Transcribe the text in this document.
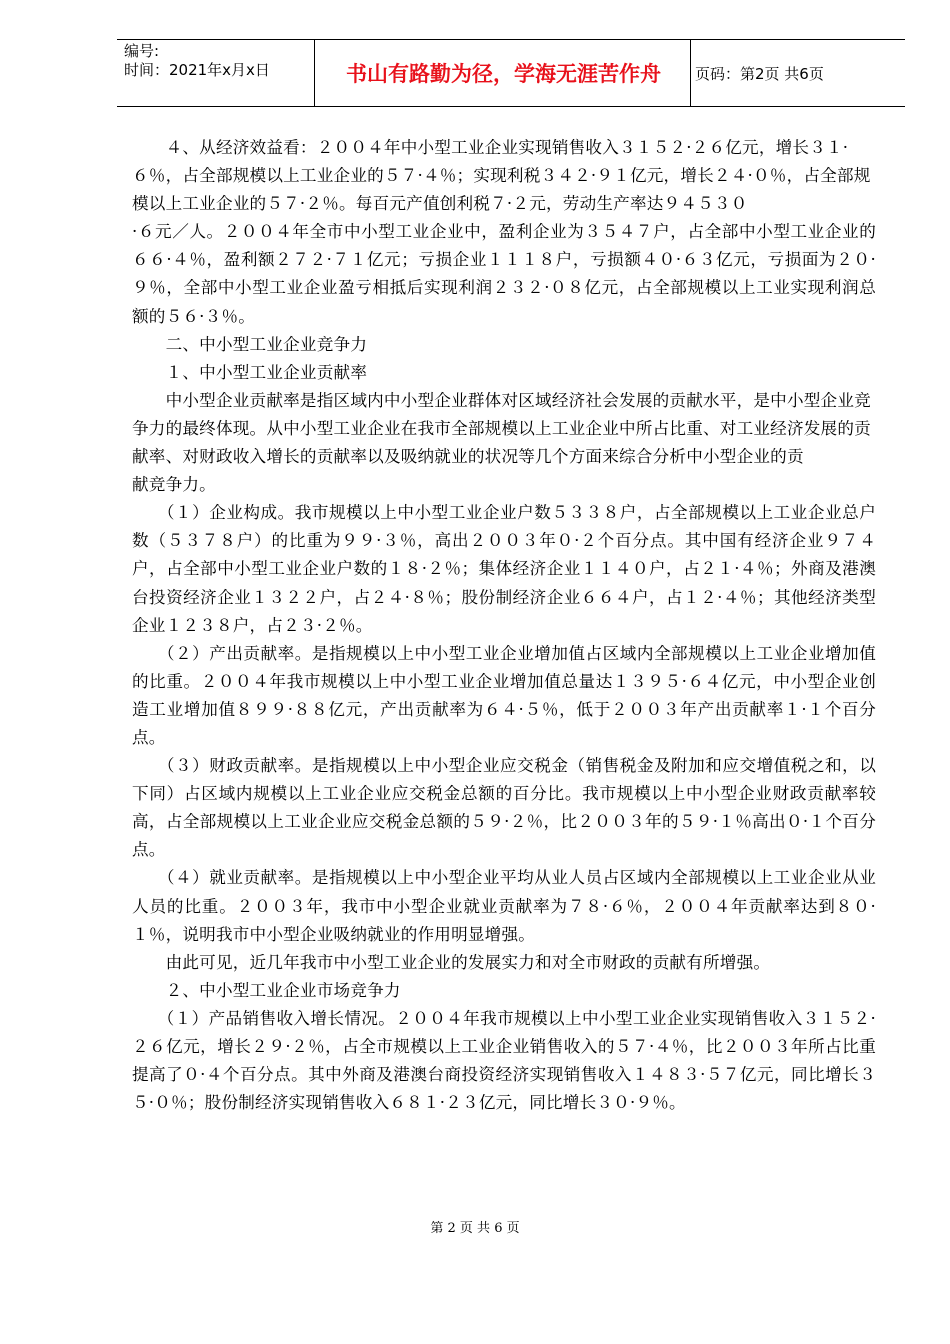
编号:
时间：2021年x月x日	书山有路勤为径，学海无涯苦作舟	页码：第2页 共6页

　　４、从经济效益看：２００４年中小型工业企业实现销售收入３１５２·２６亿元，增长３１·６％，占全部规模以上工业企业的５７·４％；实现利税３４２·９１亿元，增长２４·０％，占全部规模以上工业企业的５７·２％。每百元产值创利税７·２元，劳动生产率达９４５３０

·６元／人。２００４年全市中小型工业企业中，盈利企业为３５４７户，占全部中小型工业企业的６６·４％，盈利额２７２·７１亿元；亏损企业１１１８户，亏损额４０·６３亿元，亏损面为２０·９％，全部中小型工业企业盈亏相抵后实现利润２３２·０８亿元，占全部规模以上工业实现利润总额的５６·３％。

　　二、中小型工业企业竞争力

　　１、中小型工业企业贡献率

　　中小型企业贡献率是指区域内中小型企业群体对区域经济社会发展的贡献水平，是中小型企业竞争力的最终体现。从中小型工业企业在我市全部规模以上工业企业中所占比重、对工业经济发展的贡献率、对财政收入增长的贡献率以及吸纳就业的状况等几个方面来综合分析中小型企业的贡

献竞争力。

　　（１）企业构成。我市规模以上中小型工业企业户数５３３８户，占全部规模以上工业企业总户数（５３７８户）的比重为９９·３％，高出２００３年０·２个百分点。其中国有经济企业９７４户，占全部中小型工业企业户数的１８·２％；集体经济企业１１４０户，占２１·４％；外商及港澳台投资经济企业１３２２户，占２４·８％；股份制经济企业６６４户，占１２·４％；其他经济类型企业１２３８户，占２３·２％。

　　（２）产出贡献率。是指规模以上中小型工业企业增加值占区域内全部规模以上工业企业增加值的比重。２００４年我市规模以上中小型工业企业增加值总量达１３９５·６４亿元，中小型企业创造工业增加值８９９·８８亿元，产出贡献率为６４·５％，低于２００３年产出贡献率１·１个百分点。

　　（３）财政贡献率。是指规模以上中小型企业应交税金（销售税金及附加和应交增值税之和，以下同）占区域内规模以上工业企业应交税金总额的百分比。我市规模以上中小型企业财政贡献率较高，占全部规模以上工业企业应交税金总额的５９·２％，比２００３年的５９·１％高出０·１个百分点。

　　（４）就业贡献率。是指规模以上中小型企业平均从业人员占区域内全部规模以上工业企业从业人员的比重。２００３年，我市中小型企业就业贡献率为７８·６％，２００４年贡献率达到８０·１％，说明我市中小型企业吸纳就业的作用明显增强。

　　由此可见，近几年我市中小型工业企业的发展实力和对全市财政的贡献有所增强。

　　２、中小型工业企业市场竞争力

　　（１）产品销售收入增长情况。２００４年我市规模以上中小型工业企业实现销售收入３１５２·２６亿元，增长２９·２％，占全市规模以上工业企业销售收入的５７·４％，比２００３年所占比重提高了０·４个百分点。其中外商及港澳台商投资经济实现销售收入１４８３·５７亿元，同比增长３５·０％；股份制经济实现销售收入６８１·２３亿元，同比增长３０·９％。

第 2 页 共 6 页
